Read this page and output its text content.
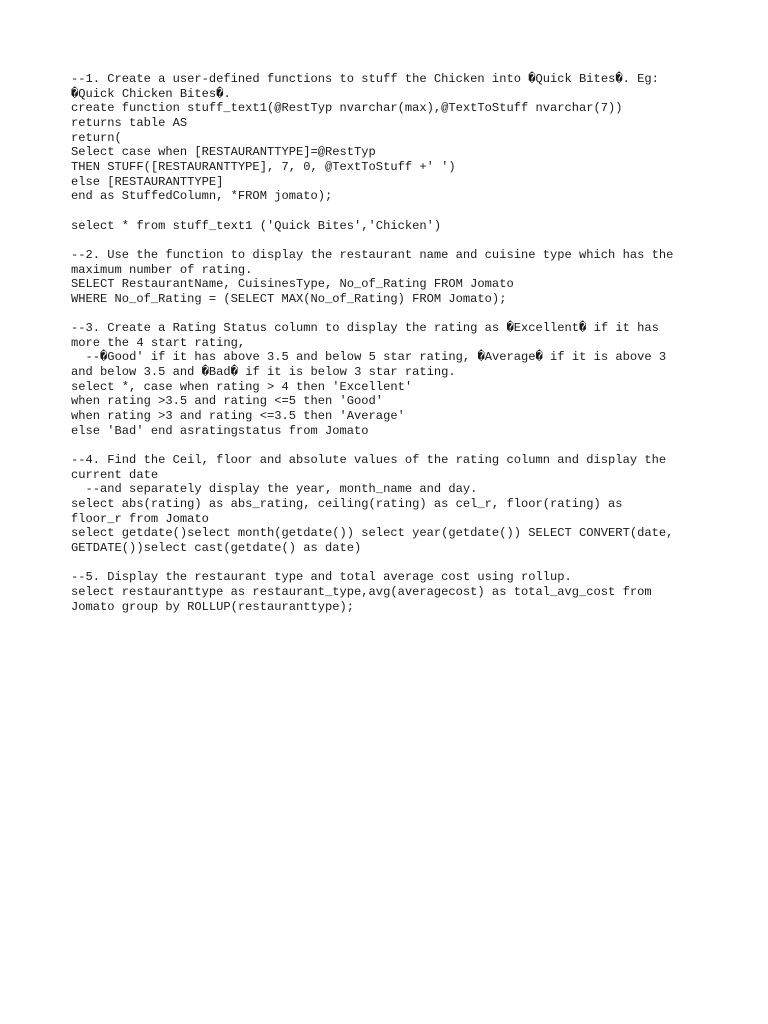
--1. Create a user-defined functions to stuff the Chicken into �Quick Bites�. Eg:
�Quick Chicken Bites�.
create function stuff_text1(@RestTyp nvarchar(max),@TextToStuff nvarchar(7))
returns table AS
return(
Select case when [RESTAURANTTYPE]=@RestTyp
THEN STUFF([RESTAURANTTYPE], 7, 0, @TextToStuff +' ')
else [RESTAURANTTYPE]
end as StuffedColumn, *FROM jomato);
select * from stuff_text1 ('Quick Bites','Chicken')
--2. Use the function to display the restaurant name and cuisine type which has the
maximum number of rating.
SELECT RestaurantName, CuisinesType, No_of_Rating FROM Jomato
WHERE No_of_Rating = (SELECT MAX(No_of_Rating) FROM Jomato);
--3. Create a Rating Status column to display the rating as �Excellent� if it has
more the 4 start rating,
--�Good' if it has above 3.5 and below 5 star rating, �Average� if it is above 3
and below 3.5 and �Bad� if it is below 3 star rating.
select *, case when rating > 4 then 'Excellent'
when rating >3.5 and rating <=5 then 'Good'
when rating >3 and rating <=3.5 then 'Average'
else 'Bad' end asratingstatus from Jomato
--4. Find the Ceil, floor and absolute values of the rating column and display the
current date
--and separately display the year, month_name and day.
select abs(rating) as abs_rating, ceiling(rating) as cel_r, floor(rating) as
floor_r from Jomato
select getdate()select month(getdate()) select year(getdate()) SELECT CONVERT(date,
GETDATE())select cast(getdate() as date)
--5. Display the restaurant type and total average cost using rollup.
select restauranttype as restaurant_type,avg(averagecost) as total_avg_cost from
Jomato group by ROLLUP(restauranttype);
